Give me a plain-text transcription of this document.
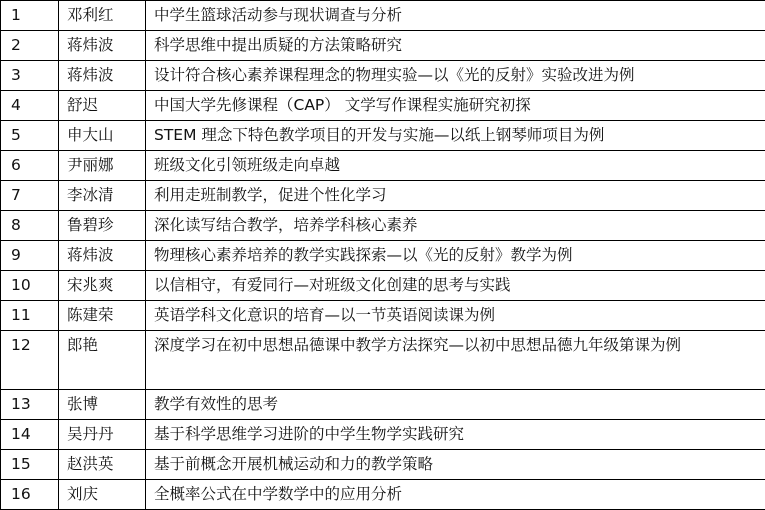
1	邓利红	中学生篮球活动参与现状调查与分析
2	蒋炜波	科学思维中提出质疑的方法策略研究
3	蒋炜波	设计符合核心素养课程理念的物理实验—以《光的反射》实验改进为例
4	舒迟	中国大学先修课程（CAP） 文学写作课程实施研究初探
5	申大山	STEM 理念下特色教学项目的开发与实施—以纸上钢琴师项目为例
6	尹丽娜	班级文化引领班级走向卓越
7	李冰清	利用走班制教学，促进个性化学习
8	鲁碧珍	深化读写结合教学，培养学科核心素养
9	蒋炜波	物理核心素养培养的教学实践探索—以《光的反射》教学为例
10	宋兆爽	以信相守，有爱同行—对班级文化创建的思考与实践
11	陈建荣	英语学科文化意识的培育—以一节英语阅读课为例
12	郎艳	深度学习在初中思想品德课中教学方法探究—以初中思想品德九年级第课为例
13	张博	教学有效性的思考
14	吴丹丹	基于科学思维学习进阶的中学生物学实践研究
15	赵洪英	基于前概念开展机械运动和力的教学策略
16	刘庆	全概率公式在中学数学中的应用分析
